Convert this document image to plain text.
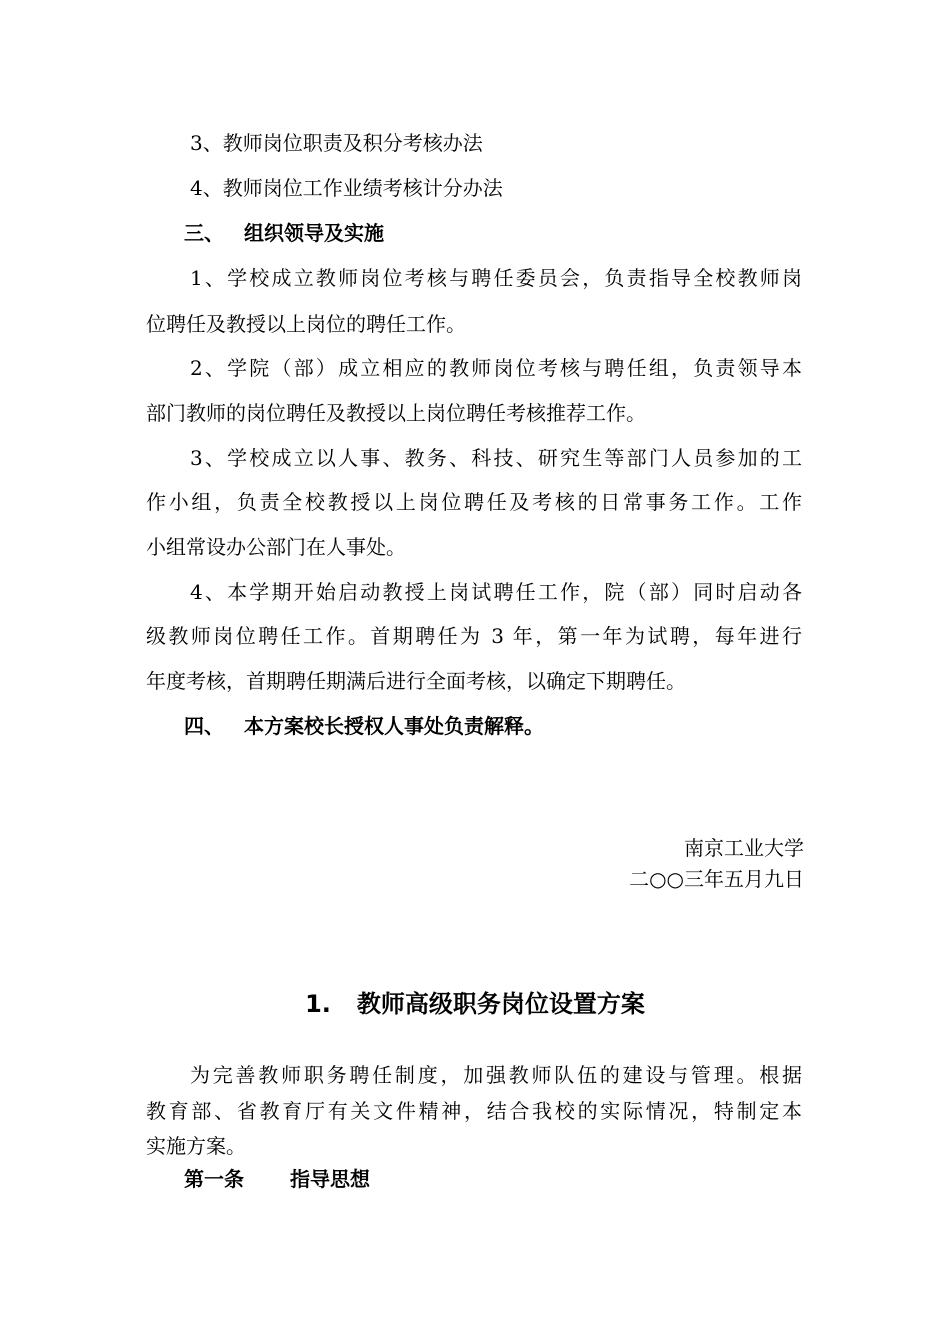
3、教师岗位职责及积分考核办法
4、教师岗位工作业绩考核计分办法
三、 组织领导及实施
1、学校成立教师岗位考核与聘任委员会，负责指导全校教师岗
位聘任及教授以上岗位的聘任工作。
2、学院（部）成立相应的教师岗位考核与聘任组，负责领导本
部门教师的岗位聘任及教授以上岗位聘任考核推荐工作。
3、学校成立以人事、教务、科技、研究生等部门人员参加的工
作小组，负责全校教授以上岗位聘任及考核的日常事务工作。工作
小组常设办公部门在人事处。
4、本学期开始启动教授上岗试聘任工作，院（部）同时启动各
级教师岗位聘任工作。首期聘任为 3 年，第一年为试聘，每年进行
年度考核，首期聘任期满后进行全面考核，以确定下期聘任。
四、 本方案校长授权人事处负责解释。
南京工业大学
二○○三年五月九日
1. 教师高级职务岗位设置方案
为完善教师职务聘任制度，加强教师队伍的建设与管理。根据
教育部、省教育厅有关文件精神，结合我校的实际情况，特制定本
实施方案。
第一条 指导思想
